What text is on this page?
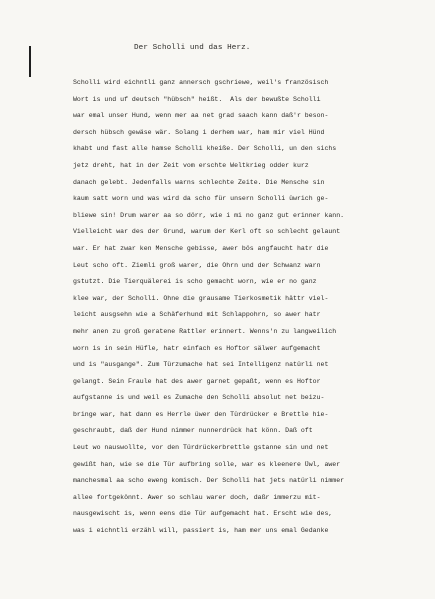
Der Scholli und das Herz.
Scholli wird eichntli ganz annersch gschriewe, weil's französisch
Wort is und uf deutsch "hübsch" heißt.  Als der bewußte Scholli
war emal unser Hund, wenn mer aa net grad saach kann daß'r beson-
dersch hübsch gewäse wär. Solang i derhem war, ham mir viel Hünd
khabt und fast alle hamse Scholli kheiße. Der Scholli, un den sichs
jetz dreht, hat in der Zeit vom erschte Weltkrieg odder kurz
danach gelebt. Jedenfalls warns schlechte Zeite. Die Mensche sin
kaum satt worn und was wird da scho für unsern Scholli üwrich ge-
bliewe sin! Drum warer aa so dörr, wie i mi no ganz gut erinner kann.
Vielleicht war des der Grund, warum der Kerl oft so schlecht gelaunt
war. Er hat zwar ken Mensche gebisse, awer bös angfaucht hatr die
Leut scho oft. Ziemli groß warer, die Ohrn und der Schwanz warn
gstutzt. Die Tierquälerei is scho gemacht worn, wie er no ganz
klee war, der Scholli. Ohne die grausame Tierkosmetik hättr viel-
leicht ausgsehn wie a Schäferhund mit Schlappohrn, so awer hatr
mehr anen zu groß geratene Rattler erinnert. Wenns'n zu langweilich
worn is in sein Hüfle, hatr einfach es Hoftor sälwer aufgemacht
und is "ausgange". Zum Türzumache hat sei Intelligenz natürli net
gelangt. Sein Fraule hat des awer garnet gepaßt, wenn es Hoftor
aufgstanne is und weil es Zumache den Scholli absolut net beizu-
bringe war, hat dann es Herrle üwer den Türdrücker e Brettle hie-
geschraubt, daß der Hund nimmer nunnerdrück hat könn. Daß oft
Leut wo nauswollte, vor den Türdrückerbrettle gstanne sin und net
gewißt han, wie se die Tür aufbring solle, war es kleenere Üwl, awer
manchesmal aa scho eweng komisch. Der Scholli hat jets natürli nimmer
allee fortgekönnt. Awer so schlau warer doch, daßr immerzu mit-
nausgewischt is, wenn eens die Tür aufgemacht hat. Erscht wie des,
was i eichntli erzähl will, passiert is, ham mer uns emal Gedanke
